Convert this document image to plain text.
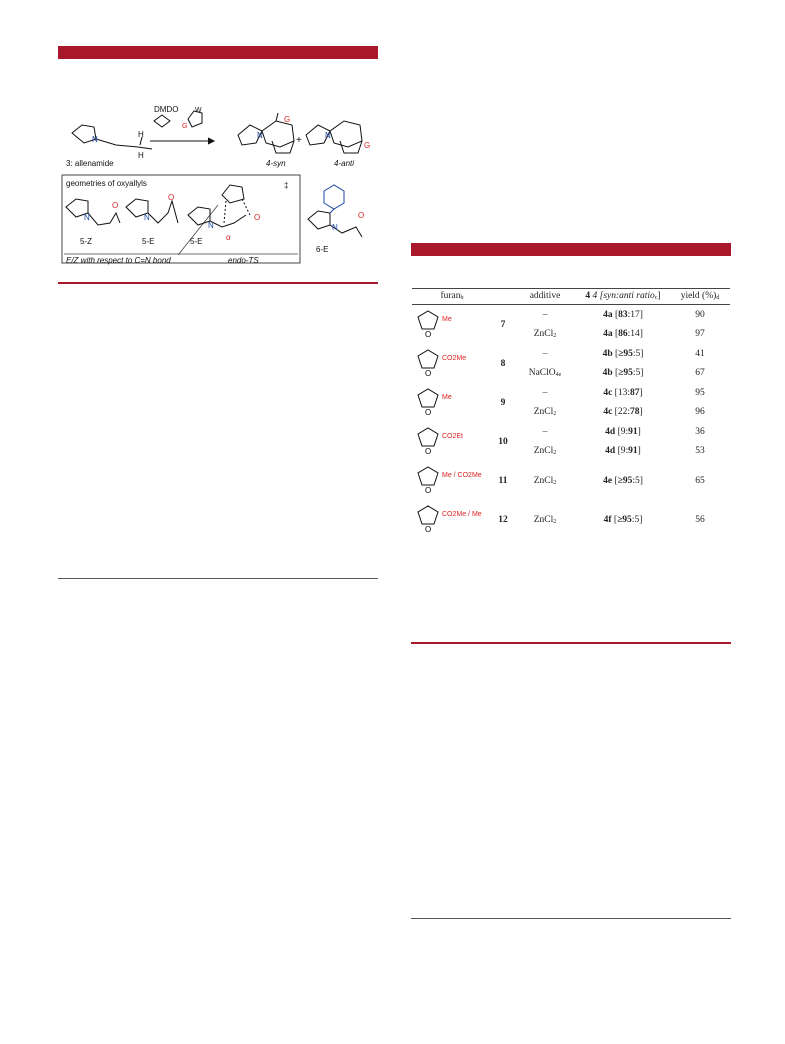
DMDO W
G
N
H
H
3: allenamide
G
N
4-syn
+	G
N
4-anti
geometries of oxyallyls
N
O
5-Z
N
O
5-E
‡
N
α
O
5-E
endo-TS
E/Z with respect to C=N bond
N
O
6-E
furan$^b$		additive	4 4 [syn:anti ratio$^c$]	yield (%)$^d$

O
Me	7	–	4a [83:17]	90
		ZnCl$_2$	4a [86:14]	97

O
CO2Me	8	–	4b [≥95:5]	41
		NaClO$_4^e$	4b [≥95:5]	67

O
Me	9	–	4c [13:87]	95
		ZnCl$_2$	4c [22:78]	96

O
CO2Et	10	–	4d [9:91]	36
		ZnCl$_2$	4d [9:91]	53

O
Me / CO2Me	11	ZnCl$_2$	4e [≥95:5]	65

O
CO2Me / Me	12	ZnCl$_2$	4f [≥95:5]	56
